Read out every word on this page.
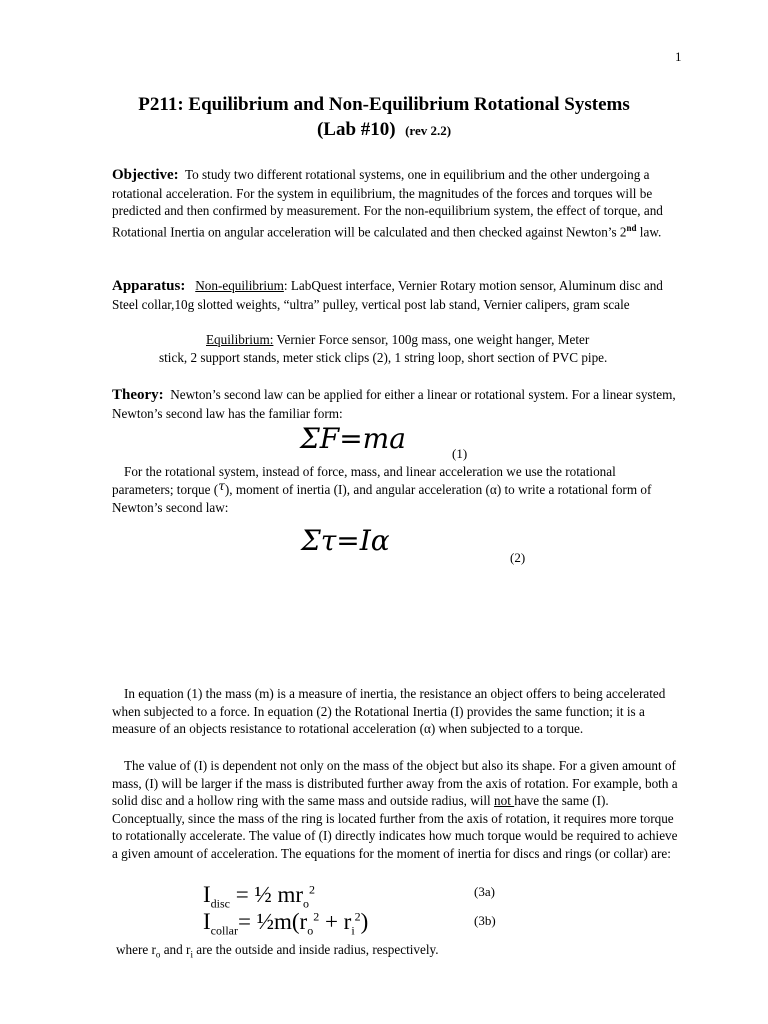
1
P211: Equilibrium and Non-Equilibrium Rotational Systems
(Lab #10) (rev 2.2)
Objective: To study two different rotational systems, one in equilibrium and the other undergoing a rotational acceleration. For the system in equilibrium, the magnitudes of the forces and torques will be predicted and then confirmed by measurement. For the non-equilibrium system, the effect of torque, and Rotational Inertia on angular acceleration will be calculated and then checked against Newton’s 2nd law.
Apparatus: Non-equilibrium: LabQuest interface, Vernier Rotary motion sensor, Aluminum disc and Steel collar,10g slotted weights, “ultra” pulley, vertical post lab stand, Vernier calipers, gram scale
Equilibrium: Vernier Force sensor, 100g mass, one weight hanger, Meter
stick, 2 support stands, meter stick clips (2), 1 string loop, short section of PVC pipe.
Theory: Newton’s second law can be applied for either a linear or rotational system. For a linear system, Newton’s second law has the familiar form:
ΣF=ma	(1)
For the rotational system, instead of force, mass, and linear acceleration we use the rotational parameters; torque (τ), moment of inertia (I), and angular acceleration (α) to write a rotational form of Newton’s second law:
Στ=Iα
(2)
In equation (1) the mass (m) is a measure of inertia, the resistance an object offers to being accelerated when subjected to a force. In equation (2) the Rotational Inertia (I) provides the same function; it is a measure of an objects resistance to rotational acceleration (α) when subjected to a torque.
The value of (I) is dependent not only on the mass of the object but also its shape. For a given amount of mass, (I) will be larger if the mass is distributed further away from the axis of rotation. For example, both a solid disc and a hollow ring with the same mass and outside radius, will not have the same (I). Conceptually, since the mass of the ring is located further from the axis of rotation, it requires more torque to rotationally accelerate. The value of (I) directly indicates how much torque would be required to achieve a given amount of acceleration. The equations for the moment of inertia for discs and rings (or collar) are:
$I_{disc}$ = ½ $mr_o^2$	(3a)
$I_{collar}=$ $\frac{1}{2}m(r_o^2 + r_i^2)$	(3b)
where $r_o$ and $r_i$ are the outside and inside radius, respectively.
